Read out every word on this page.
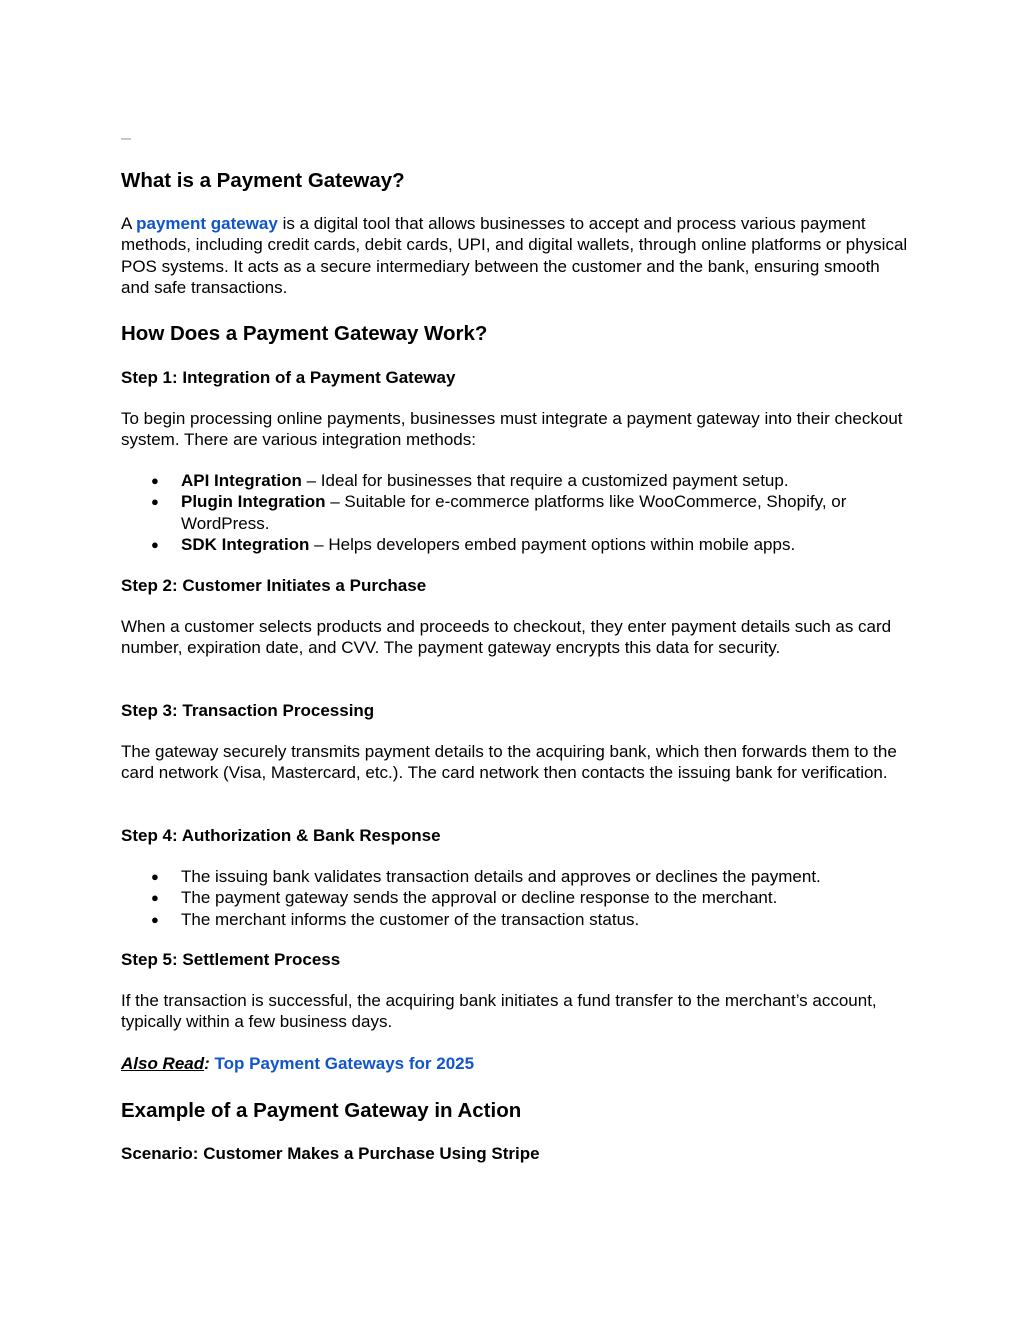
What is a Payment Gateway?

A payment gateway is a digital tool that allows businesses to accept and process various payment methods, including credit cards, debit cards, UPI, and digital wallets, through online platforms or physical POS systems. It acts as a secure intermediary between the customer and the bank, ensuring smooth and safe transactions.

How Does a Payment Gateway Work?
Step 1: Integration of a Payment Gateway

To begin processing online payments, businesses must integrate a payment gateway into their checkout system. There are various integration methods:

● API Integration – Ideal for businesses that require a customized payment setup.
● Plugin Integration – Suitable for e-commerce platforms like WooCommerce, Shopify, or WordPress.
● SDK Integration – Helps developers embed payment options within mobile apps.
Step 2: Customer Initiates a Purchase

When a customer selects products and proceeds to checkout, they enter payment details such as card number, expiration date, and CVV. The payment gateway encrypts this data for security.

Step 3: Transaction Processing

The gateway securely transmits payment details to the acquiring bank, which then forwards them to the card network (Visa, Mastercard, etc.). The card network then contacts the issuing bank for verification.

Step 4: Authorization & Bank Response
● The issuing bank validates transaction details and approves or declines the payment.
● The payment gateway sends the approval or decline response to the merchant.
● The merchant informs the customer of the transaction status.
Step 5: Settlement Process

If the transaction is successful, the acquiring bank initiates a fund transfer to the merchant’s account, typically within a few business days.

Also Read: Top Payment Gateways for 2025
Example of a Payment Gateway in Action
Scenario: Customer Makes a Purchase Using Stripe
